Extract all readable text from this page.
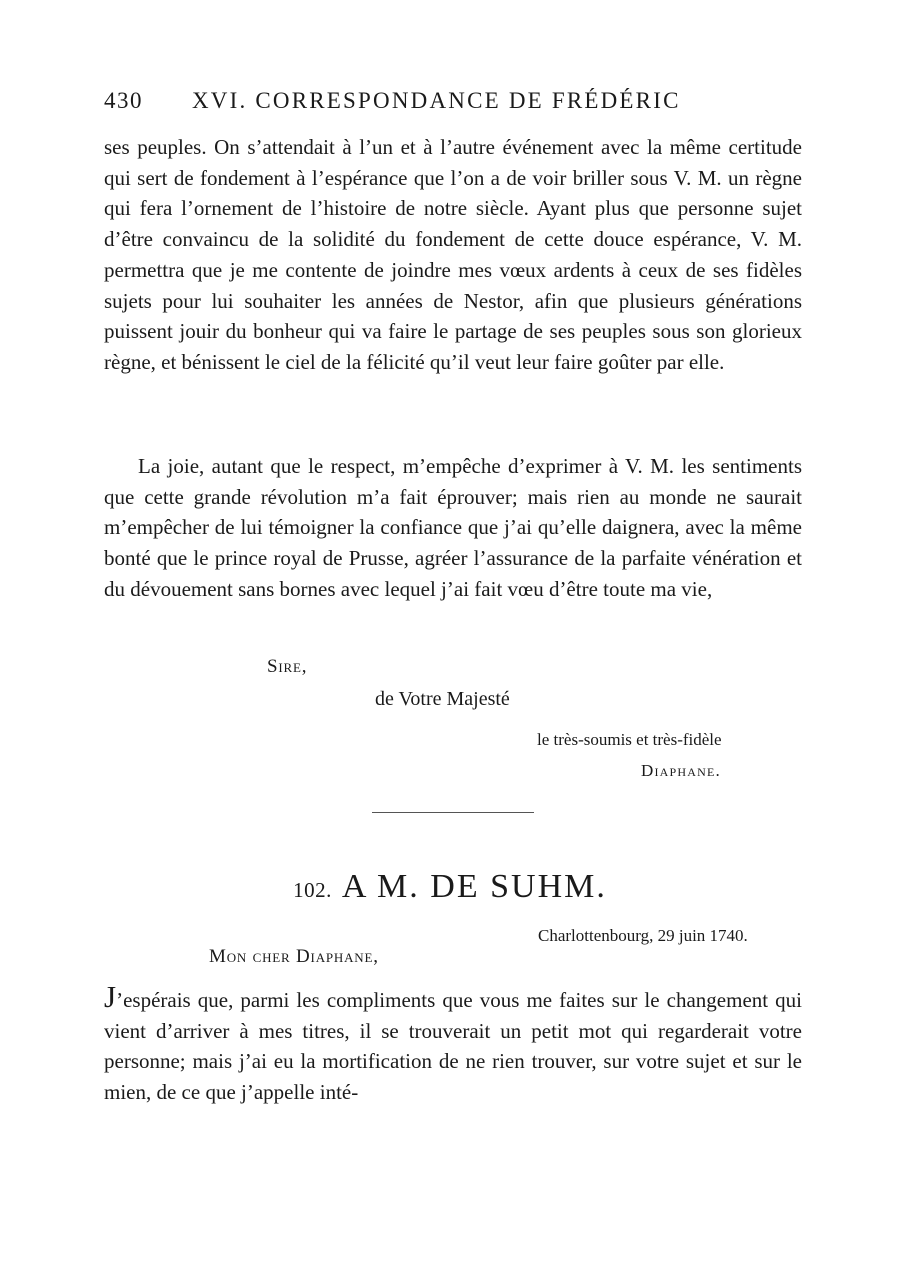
430 XVI. CORRESPONDANCE DE FRÉDÉRIC

ses peuples. On s’attendait à l’un et à l’autre événement avec la même certitude qui sert de fondement à l’espérance que l’on a de voir briller sous V. M. un règne qui fera l’ornement de l’histoire de notre siècle. Ayant plus que personne sujet d’être convaincu de la solidité du fondement de cette douce espérance, V. M. permettra que je me contente de joindre mes vœux ardents à ceux de ses fidèles sujets pour lui souhaiter les années de Nestor, afin que plusieurs générations puissent jouir du bonheur qui va faire le partage de ses peuples sous son glorieux règne, et bénissent le ciel de la félicité qu’il veut leur faire goûter par elle.

La joie, autant que le respect, m’empêche d’exprimer à V. M. les sentiments que cette grande révolution m’a fait éprouver; mais rien au monde ne saurait m’empêcher de lui témoigner la confiance que j’ai qu’elle daignera, avec la même bonté que le prince royal de Prusse, agréer l’assurance de la parfaite vénération et du dévouement sans bornes avec lequel j’ai fait vœu d’être toute ma vie,

Sire,
de Votre Majesté
le très-soumis et très-fidèle
Diaphane.
102. A M. DE SUHM.
Charlottenbourg, 29 juin 1740.
Mon cher Diaphane,

J’espérais que, parmi les compliments que vous me faites sur le changement qui vient d’arriver à mes titres, il se trouverait un petit mot qui regarderait votre personne; mais j’ai eu la mortification de ne rien trouver, sur votre sujet et sur le mien, de ce que j’appelle inté-
